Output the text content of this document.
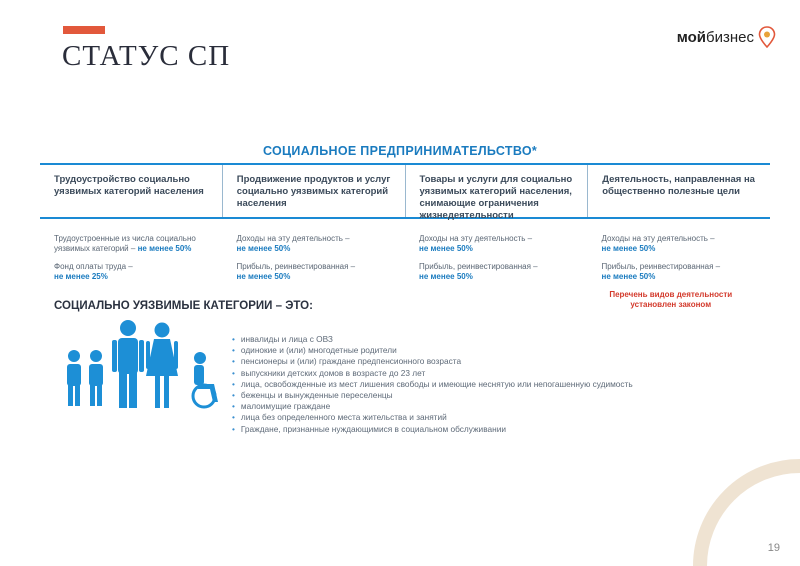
СТАТУС СП
мойбизнес
СОЦИАЛЬНОЕ ПРЕДПРИНИМАТЕЛЬСТВО*
Трудоустройство социально уязвимых категорий населения
Продвижение продуктов и услуг социально уязвимых категорий населения
Товары и услуги для социально уязвимых категорий населения, снимающие ограничения жизнедеятельности
Деятельность, направленная на общественно полезные цели
Трудоустроенные из числа социально уязвимых категорий – не менее 50%
Фонд оплаты труда –
не менее 25%
Доходы на эту деятельность –
не менее 50%
Прибыль, реинвестированная –
не менее 50%
Доходы на эту деятельность –
не менее 50%
Прибыль, реинвестированная –
не менее 50%
Доходы на эту деятельность –
не менее 50%
Прибыль, реинвестированная –
не менее 50%
Перечень видов деятельности установлен законом
СОЦИАЛЬНО УЯЗВИМЫЕ КАТЕГОРИИ – ЭТО:
• инвалиды и лица с ОВЗ
• одинокие и (или) многодетные родители
• пенсионеры и (или) граждане предпенсионного возраста
• выпускники детских домов в возрасте до 23 лет
• лица, освобожденные из мест лишения свободы и имеющие неснятую или непогашенную судимость
• беженцы и вынужденные переселенцы
• малоимущие граждане
• лица без определенного места жительства и занятий
• Граждане, признанные нуждающимися в социальном обслуживании
19
